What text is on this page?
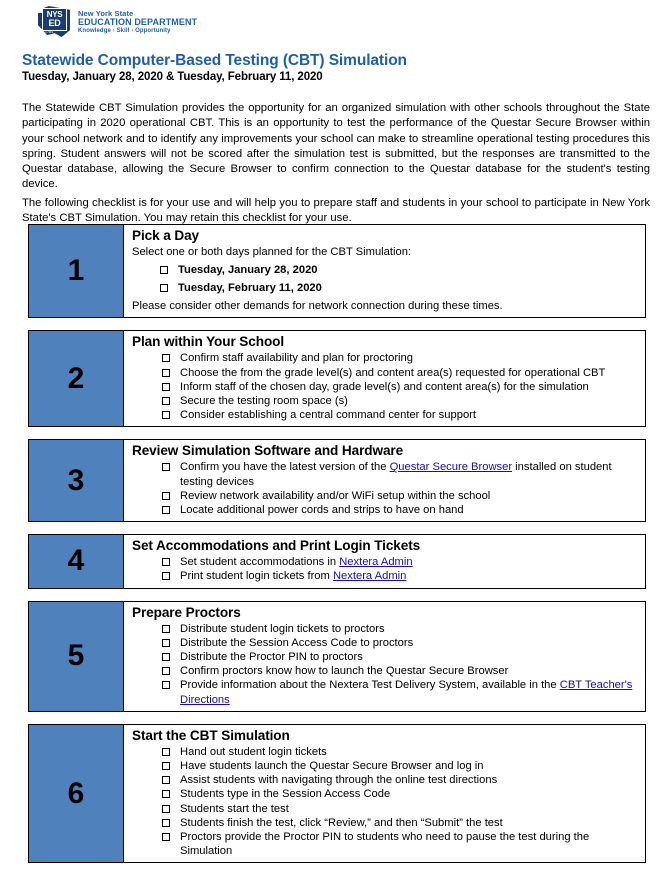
NYS
ED
1784
New York State
EDUCATION DEPARTMENT
Knowledge › Skill › Opportunity
Statewide Computer-Based Testing (CBT) Simulation
Tuesday, January 28, 2020 & Tuesday, February 11, 2020
The Statewide CBT Simulation provides the opportunity for an organized simulation with other schools throughout the State participating in 2020 operational CBT. This is an opportunity to test the performance of the Questar Secure Browser within your school network and to identify any improvements your school can make to streamline operational testing procedures this spring. Student answers will not be scored after the simulation test is submitted, but the responses are transmitted to the Questar database, allowing the Secure Browser to confirm connection to the Questar database for the student's testing device.
The following checklist is for your use and will help you to prepare staff and students in your school to participate in New York State's CBT Simulation. You may retain this checklist for your use.
1
Pick a Day
Select one or both days planned for the CBT Simulation:
Tuesday, January 28, 2020
Tuesday, February 11, 2020
Please consider other demands for network connection during these times.
2
Plan within Your School
Confirm staff availability and plan for proctoring
Choose the from the grade level(s) and content area(s) requested for operational CBT
Inform staff of the chosen day, grade level(s) and content area(s) for the simulation
Secure the testing room space (s)
Consider establishing a central command center for support
3
Review Simulation Software and Hardware
Confirm you have the latest version of the Questar Secure Browser installed on student testing devices
Review network availability and/or WiFi setup within the school
Locate additional power cords and strips to have on hand
4	Set Accommodations and Print Login Tickets
Set student accommodations in Nextera Admin
Print student login tickets from Nextera Admin
5
Prepare Proctors
Distribute student login tickets to proctors
Distribute the Session Access Code to proctors
Distribute the Proctor PIN to proctors
Confirm proctors know how to launch the Questar Secure Browser
Provide information about the Nextera Test Delivery System, available in the CBT Teacher's Directions
6
Start the CBT Simulation
Hand out student login tickets
Have students launch the Questar Secure Browser and log in
Assist students with navigating through the online test directions
Students type in the Session Access Code
Students start the test
Students finish the test, click “Review,” and then “Submit” the test
Proctors provide the Proctor PIN to students who need to pause the test during the Simulation
